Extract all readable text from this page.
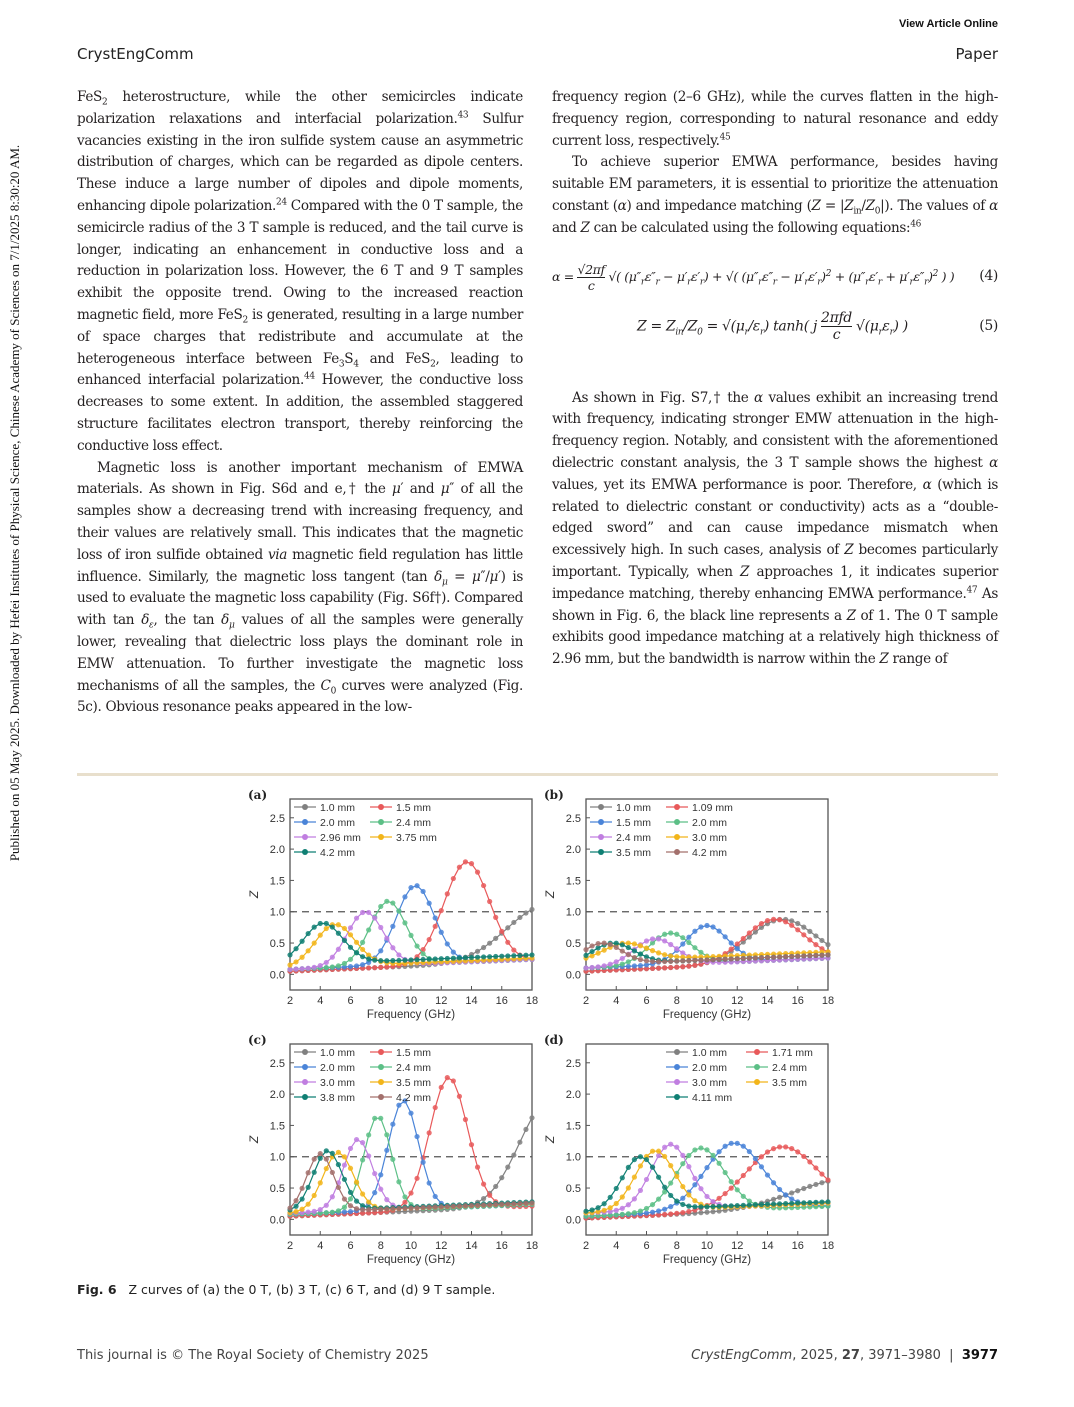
View Article Online
CrystEngComm	Paper
Published on 05 May 2025. Downloaded by Hefei Institutes of Physical Science, Chinese Academy of Sciences on 7/1/2025 8:30:20 AM.

FeS$_2$ heterostructure, while the other semicircles indicate polarization relaxations and interfacial polarization.$^{43}$ Sulfur vacancies existing in the iron sulfide system cause an asymmetric distribution of charges, which can be regarded as dipole centers. These induce a large number of dipoles and dipole moments, enhancing dipole polarization.$^{24}$ Compared with the 0 T sample, the semicircle radius of the 3 T sample is reduced, and the tail curve is longer, indicating an enhancement in conductive loss and a reduction in polarization loss. However, the 6 T and 9 T samples exhibit the opposite trend. Owing to the increased reaction magnetic field, more FeS$_2$ is generated, resulting in a large number of space charges that redistribute and accumulate at the heterogeneous interface between $Fe_3S_4$ and FeS$_2$, leading to enhanced interfacial polarization.$^{44}$ However, the conductive loss decreases to some extent. In addition, the assembled staggered structure facilitates electron transport, thereby reinforcing the conductive loss effect.

Magnetic loss is another important mechanism of EMWA materials. As shown in Fig. S6d and e,† the μ′ and μ″ of all the samples show a decreasing trend with increasing frequency, and their values are relatively small. This indicates that the magnetic loss of iron sulfide obtained via magnetic field regulation has little influence. Similarly, the magnetic loss tangent (tan $\delta_\mu = \mu''/\mu'$) is used to evaluate the magnetic loss capability (Fig. S6f†). Compared with $\tan \delta_\varepsilon$, the $\tan \delta_\mu$ values of all the samples were generally lower, revealing that dielectric loss plays the dominant role in EMW attenuation. To further investigate the magnetic loss mechanisms of all the samples, the $C_0$ curves were analyzed (Fig. 5c). Obvious resonance peaks appeared in the low-

frequency region (2–6 GHz), while the curves flatten in the high-frequency region, corresponding to natural resonance and eddy current loss, respectively.$^{45}$

To achieve superior EMWA performance, besides having suitable EM parameters, it is essential to prioritize the attenuation constant (α) and impedance matching $(Z = |Z_{in}/Z_0|)$. The values of α and Z can be calculated using the following equations:$^{46}$

$\alpha = \frac{√2\pi f}{c}$ √( $(\mu''_r\varepsilon''_r - \mu'_r\varepsilon'_r)$ + √( $(\mu''_r\varepsilon''_r - \mu'_r\varepsilon'_r)^2 + (\mu''_r\varepsilon'_r + \mu'_r\varepsilon''_r)^2$ ) ) (4)
$Z = Z_{in}/Z_0 = √(\mu_r/\varepsilon_r)$ tanh( j
2πfd
c
$√(\mu_r\varepsilon_r)$ )	(5)

As shown in Fig. S7,† the α values exhibit an increasing trend with frequency, indicating stronger EMW attenuation in the high-frequency region. Notably, and consistent with the aforementioned dielectric constant analysis, the 3 T sample shows the highest α values, yet its EMWA performance is poor. Therefore, α (which is related to dielectric constant or conductivity) acts as a “double-edged sword” and can cause impedance mismatch when excessively high. In such cases, analysis of Z becomes particularly important. Typically, when Z approaches 1, it indicates superior impedance matching, thereby enhancing EMWA performance.$^{47}$ As shown in Fig. 6, the black line represents a Z of 1. The 0 T sample exhibits good impedance matching at a relatively high thickness of 2.96 mm, but the bandwidth is narrow within the Z range of

(a)
0.0
0.5
1.0
1.5
2.0
2.5
2 4 6 8 10 12 14 16 18
Frequency (GHz)
Z
1.0 mm	1.5 mm
2.0 mm	2.4 mm
2.96 mm	3.75 mm
4.2 mm
(b)
0.0
0.5
1.0
1.5
2.0
2.5
2 4 6 8 10 12 14 16 18
Frequency (GHz)
Z
1.0 mm	1.09 mm
1.5 mm	2.0 mm
2.4 mm	3.0 mm
3.5 mm	4.2 mm
(c)
0.0
0.5
1.0
1.5
2.0
2.5
2 4 6 8 10 12 14 16 18
Frequency (GHz)
Z
1.0 mm	1.5 mm
2.0 mm	2.4 mm
3.0 mm	3.5 mm
3.8 mm	4.2 mm
(d)
0.0
0.5
1.0
1.5
2.0
2.5
2 4 6 8 10 12 14 16 18
Frequency (GHz)
Z
1.0 mm	1.71 mm
2.0 mm	2.4 mm
3.0 mm	3.5 mm
4.11 mm
Fig. 6 Z curves of (a) the 0 T, (b) 3 T, (c) 6 T, and (d) 9 T sample.
This journal is © The Royal Society of Chemistry 2025	CrystEngComm, 2025, 27, 3971–3980 | 3977
